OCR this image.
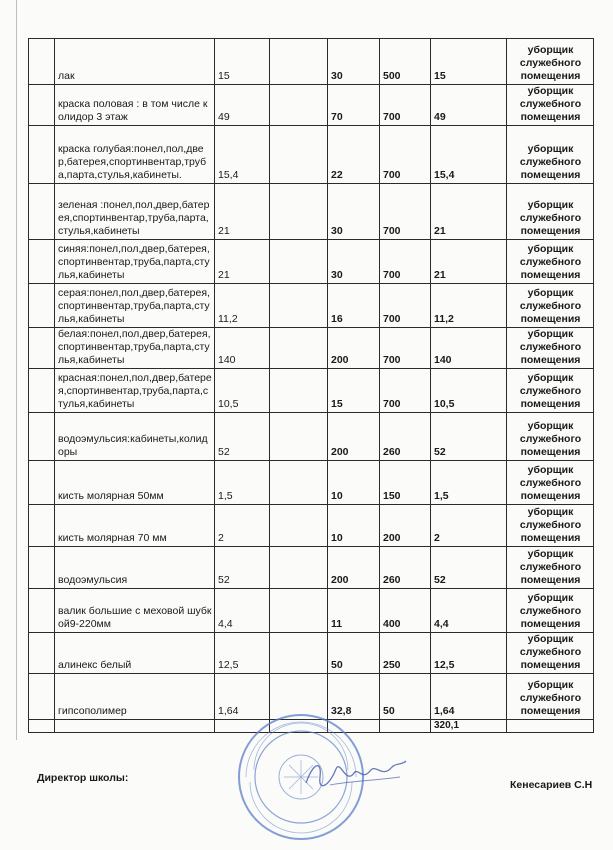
	лак	15		30	500	15	уборщик служебного помещения
	краска половая : в том числе колидор 3 этаж	49		70	700	49	уборщик служебного помещения
	краска голубая:понел,пол,двер,батерея,спортинвентар,труба,парта,стулья,кабинеты.	15,4		22	700	15,4	уборщик служебного помещения
	зеленая :понел,пол,двер,батерея,спортинвентар,труба,парта,стулья,кабинеты	21		30	700	21	уборщик служебного помещения
	синяя:понел,пол,двер,батерея,спортинвентар,труба,парта,стулья,кабинеты	21		30	700	21	уборщик служебного помещения
	серая:понел,пол,двер,батерея,спортинвентар,труба,парта,стулья,кабинеты	11,2		16	700	11,2	уборщик служебного помещения
	белая:понел,пол,двер,батерея,спортинвентар,труба,парта,стулья,кабинеты	140		200	700	140	уборщик служебного помещения
	красная:понел,пол,двер,батерея,спортинвентар,труба,парта,стулья,кабинеты	10,5		15	700	10,5	уборщик служебного помещения
	водоэмульсия:кабинеты,колидоры	52		200	260	52	уборщик служебного помещения
	кисть молярная 50мм	1,5		10	150	1,5	уборщик служебного помещения
	кисть молярная 70 мм	2		10	200	2	уборщик служебного помещения
	водоэмульсия	52		200	260	52	уборщик служебного помещения
	валик большие с меховой шубкой9-220мм	4,4		11	400	4,4	уборщик служебного помещения
	алинекс белый	12,5		50	250	12,5	уборщик служебного помещения
	гипсополимер	1,64		32,8	50	1,64	уборщик служебного помещения
						320,1	
Директор школы:
Кенесариев С.Н
